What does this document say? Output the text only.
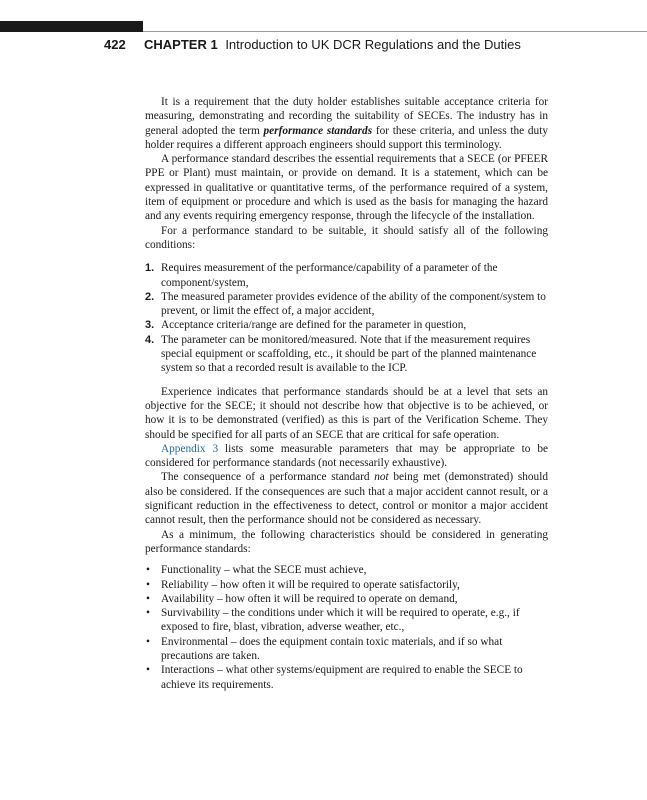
422 CHAPTER 1 Introduction to UK DCR Regulations and the Duties

It is a requirement that the duty holder establishes suitable acceptance criteria for measuring, demonstrating and recording the suitability of SECEs. The industry has in general adopted the term performance standards for these criteria, and unless the duty holder requires a different approach engineers should support this terminology.

A performance standard describes the essential requirements that a SECE (or PFEER PPE or Plant) must maintain, or provide on demand. It is a statement, which can be expressed in qualitative or quantitative terms, of the performance required of a system, item of equipment or procedure and which is used as the basis for managing the hazard and any events requiring emergency response, through the lifecycle of the installation.

For a performance standard to be suitable, it should satisfy all of the following conditions:

1. Requires measurement of the performance/capability of a parameter of the component/system,
2. The measured parameter provides evidence of the ability of the component/system to prevent, or limit the effect of, a major accident,
3. Acceptance criteria/range are defined for the parameter in question,
4. The parameter can be monitored/measured. Note that if the measurement requires special equipment or scaffolding, etc., it should be part of the planned maintenance system so that a recorded result is available to the ICP.

Experience indicates that performance standards should be at a level that sets an objective for the SECE; it should not describe how that objective is to be achieved, or how it is to be demonstrated (verified) as this is part of the Verification Scheme. They should be specified for all parts of an SECE that are critical for safe operation.

Appendix 3 lists some measurable parameters that may be appropriate to be considered for performance standards (not necessarily exhaustive).

The consequence of a performance standard not being met (demonstrated) should also be considered. If the consequences are such that a major accident cannot result, or a significant reduction in the effectiveness to detect, control or monitor a major accident cannot result, then the performance should not be considered as necessary.

As a minimum, the following characteristics should be considered in generating performance standards:

• Functionality – what the SECE must achieve,
• Reliability – how often it will be required to operate satisfactorily,
• Availability – how often it will be required to operate on demand,
• Survivability – the conditions under which it will be required to operate, e.g., if exposed to fire, blast, vibration, adverse weather, etc.,
• Environmental – does the equipment contain toxic materials, and if so what precautions are taken.
• Interactions – what other systems/equipment are required to enable the SECE to achieve its requirements.
